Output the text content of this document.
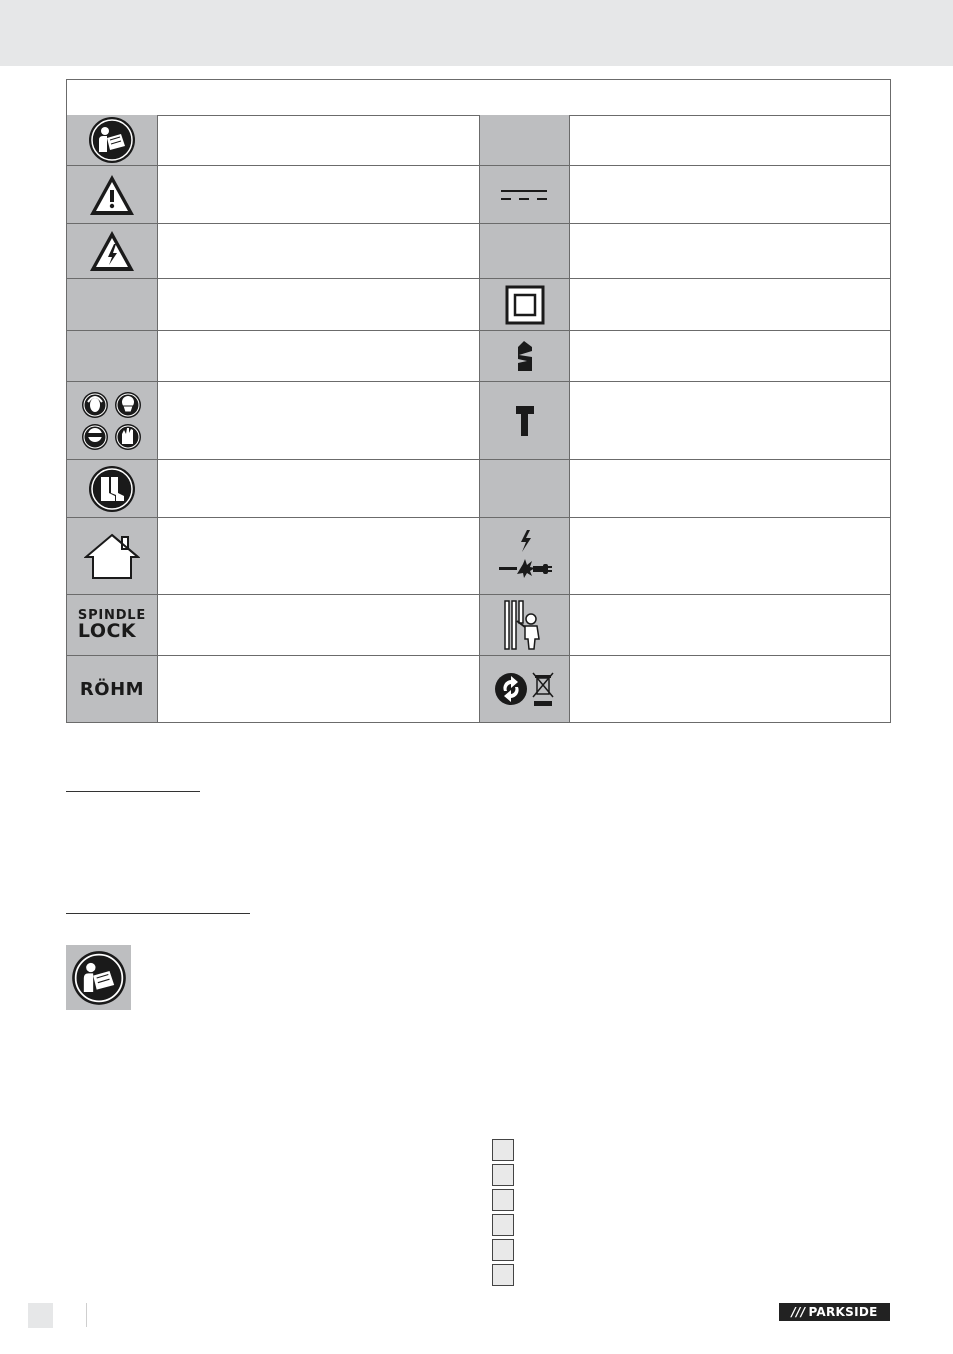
SPINDLE
LOCK
RÖHM
/// PARKSIDE
